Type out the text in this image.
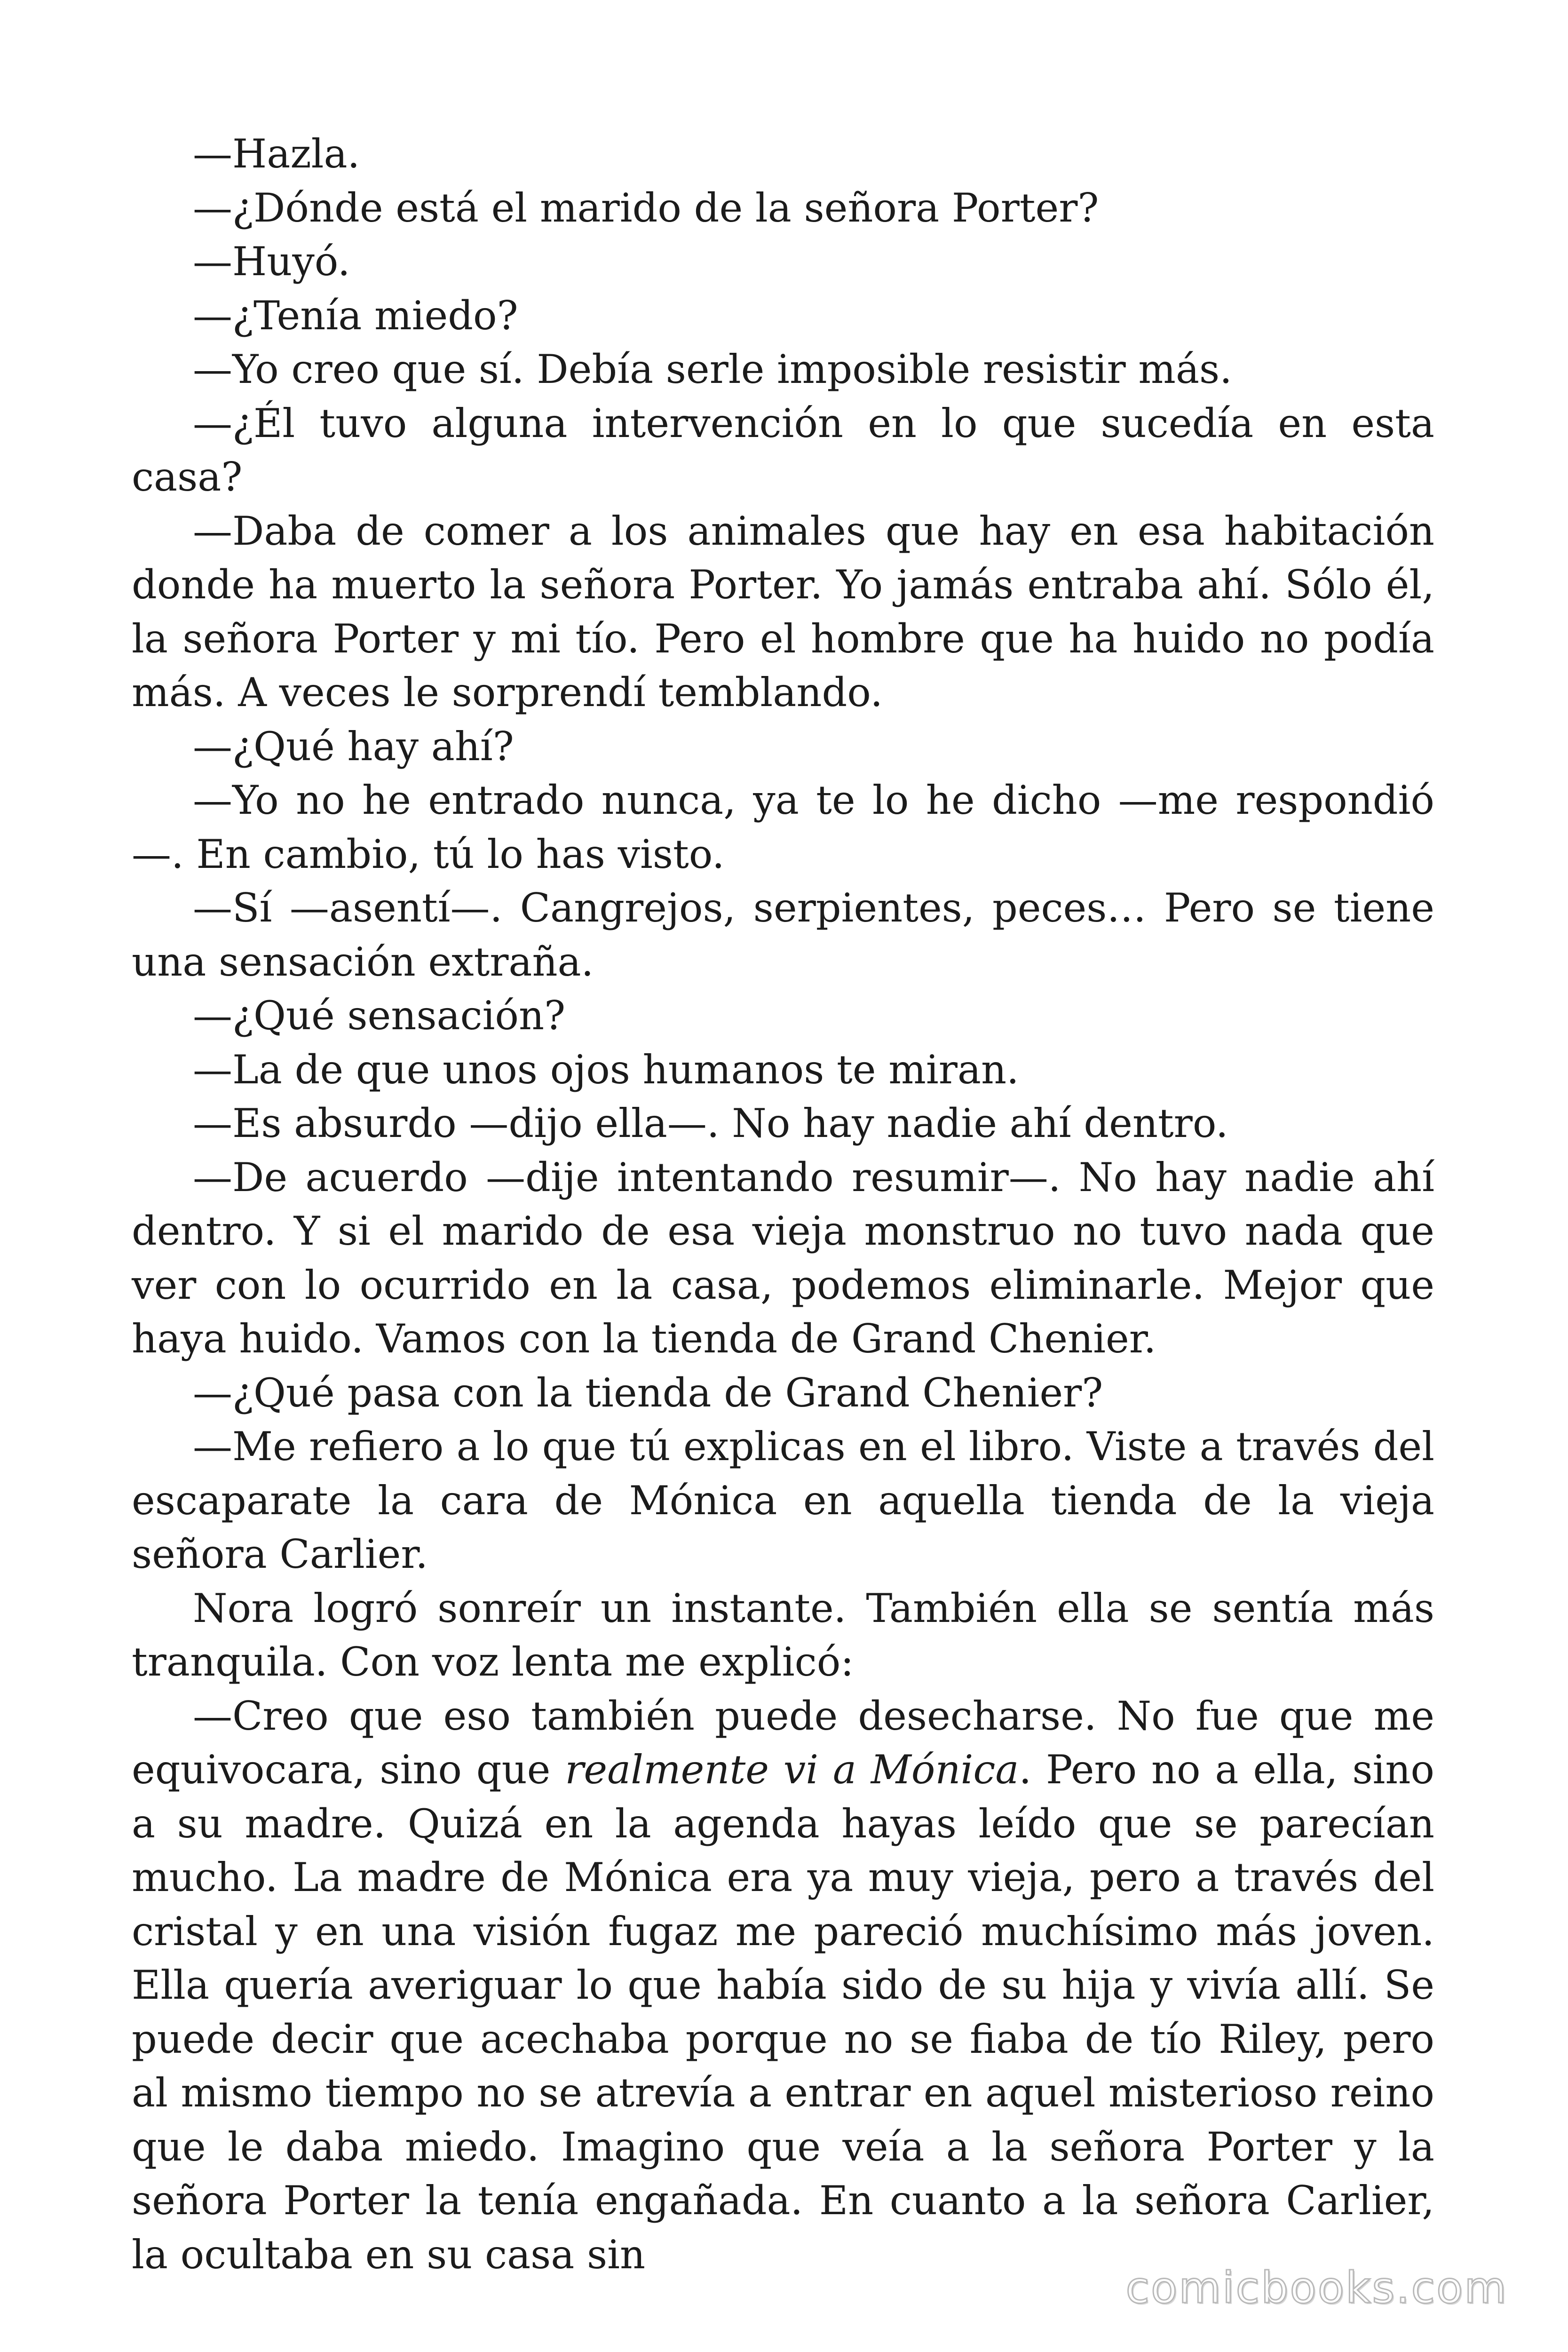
—Hazla.

—¿Dónde está el marido de la señora Porter?

—Huyó.

—¿Tenía miedo?

—Yo creo que sí. Debía serle imposible resistir más.

—¿Él tuvo alguna intervención en lo que sucedía en esta casa?

—Daba de comer a los animales que hay en esa habitación donde ha muerto la señora Porter. Yo jamás entraba ahí. Sólo él, la señora Porter y mi tío. Pero el hombre que ha huido no podía más. A veces le sorprendí temblando.

—¿Qué hay ahí?

—Yo no he entrado nunca, ya te lo he dicho —me respondió—. En cambio, tú lo has visto.

—Sí —asentí—. Cangrejos, serpientes, peces… Pero se tiene una sensación extraña.

—¿Qué sensación?

—La de que unos ojos humanos te miran.

—Es absurdo —dijo ella—. No hay nadie ahí dentro.

—De acuerdo —dije intentando resumir—. No hay nadie ahí dentro. Y si el marido de esa vieja monstruo no tuvo nada que ver con lo ocurrido en la casa, podemos eliminarle. Mejor que haya huido. Vamos con la tienda de Grand Chenier.

—¿Qué pasa con la tienda de Grand Chenier?

—Me refiero a lo que tú explicas en el libro. Viste a través del escaparate la cara de Mónica en aquella tienda de la vieja señora Carlier.

Nora logró sonreír un instante. También ella se sentía más tranquila. Con voz lenta me explicó:

—Creo que eso también puede desecharse. No fue que me equivocara, sino que realmente vi a Mónica. Pero no a ella, sino a su madre. Quizá en la agenda hayas leído que se parecían mucho. La madre de Mónica era ya muy vieja, pero a través del cristal y en una visión fugaz me pareció muchísimo más joven. Ella quería averiguar lo que había sido de su hija y vivía allí. Se puede decir que acechaba porque no se fiaba de tío Riley, pero al mismo tiempo no se atrevía a entrar en aquel misterioso reino que le daba miedo. Imagino que veía a la señora Porter y la señora Porter la tenía engañada. En cuanto a la señora Carlier, la ocultaba en su casa sin

comicbooks.com
